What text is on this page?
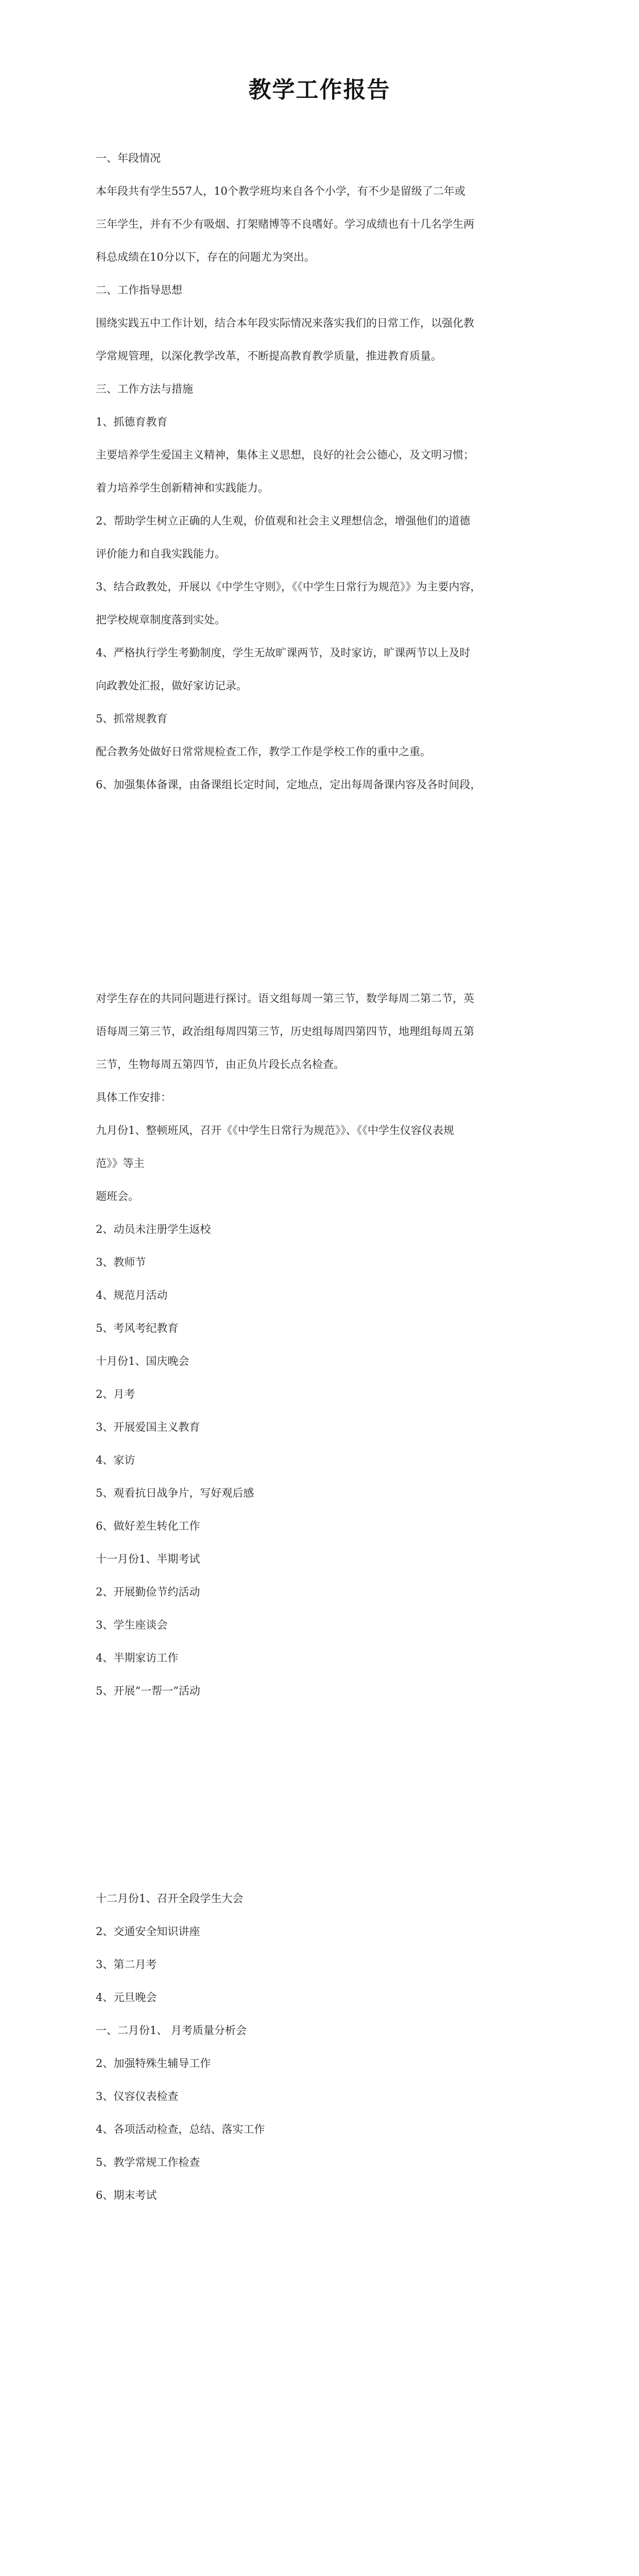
教学工作报告
一、年段情况
本年段共有学生557人，10个教学班均来自各个小学，有不少是留级了二年或
三年学生，并有不少有吸烟、打架赌博等不良嗜好。学习成绩也有十几名学生两
科总成绩在10分以下，存在的问题尤为突出。
二、工作指导思想
围绕实践五中工作计划，结合本年段实际情况来落实我们的日常工作，以强化教
学常规管理，以深化教学改革，不断提高教育教学质量，推进教育质量。
三、工作方法与措施
1、抓德育教育
主要培养学生爱国主义精神，集体主义思想，良好的社会公德心，及文明习惯；
着力培养学生创新精神和实践能力。
2、帮助学生树立正确的人生观，价值观和社会主义理想信念，增强他们的道德
评价能力和自我实践能力。
3、结合政教处，开展以《中学生守则》，《《中学生日常行为规范》》为主要内容，
把学校规章制度落到实处。
4、严格执行学生考勤制度，学生无故旷课两节，及时家访，旷课两节以上及时
向政教处汇报，做好家访记录。
5、抓常规教育
配合教务处做好日常常规检查工作，教学工作是学校工作的重中之重。
6、加强集体备课，由备课组长定时间，定地点，定出每周备课内容及各时间段，
对学生存在的共同问题进行探讨。语文组每周一第三节，数学每周二第二节，英
语每周三第三节，政治组每周四第三节，历史组每周四第四节，地理组每周五第
三节，生物每周五第四节，由正负片段长点名检查。
具体工作安排：
九月份1、整顿班风，召开《《中学生日常行为规范》》、《《中学生仪容仪表规
范》》等主
题班会。
2、动员未注册学生返校
3、教师节
4、规范月活动
5、考风考纪教育
十月份1、国庆晚会
2、月考
3、开展爱国主义教育
4、家访
5、观看抗日战争片，写好观后感
6、做好差生转化工作
十一月份1、半期考试
2、开展勤俭节约活动
3、学生座谈会
4、半期家访工作
5、开展“一帮一”活动
十二月份1、召开全段学生大会
2、交通安全知识讲座
3、第二月考
4、元旦晚会
一、二月份1、 月考质量分析会
2、加强特殊生辅导工作
3、仪容仪表检查
4、各项活动检查，总结、落实工作
5、教学常规工作检查
6、期末考试
